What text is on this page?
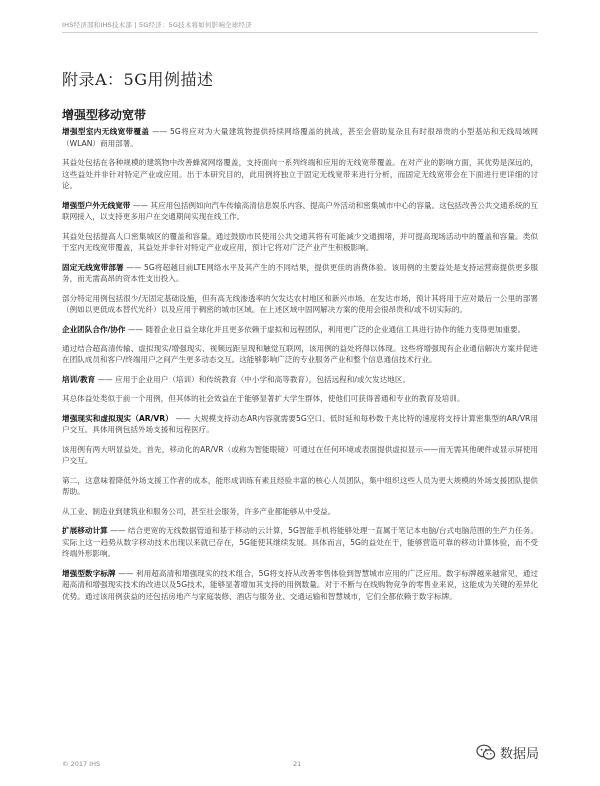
IHS经济部和IHS技术部 | 5G经济：5G技术将如何影响全球经济
附录A：5G用例描述
增强型移动宽带
增强型室内无线宽带覆盖 —— 5G将应对为大量建筑物提供持续网络覆盖的挑战，甚至会借助复杂且有时很昂贵的小型基站和无线局域网（WLAN）商用部署。
其益处包括在各种规模的建筑物中改善蜂窝网络覆盖，支持面向一系列终端和应用的无线宽带覆盖。在对产业的影响方面，其优势是深远的，这些益处并非针对特定产业或应用。出于本研究目的，此用例将独立于固定无线宽带来进行分析，而固定无线宽带会在下面进行更详细的讨论。
增强型户外无线宽带 —— 其应用包括例如向汽车传输高清信息娱乐内容、提高户外活动和密集城市中心的容量。这包括改善公共交通系统的互联网接入，以支持更多用户在交通期间实现在线工作。
其益处包括提高人口密集城区的覆盖和容量。通过鼓励市民使用公共交通其将有可能减少交通拥堵，并可提高现场活动中的覆盖和容量。类似于室内无线宽带覆盖，其益处并非针对特定产业或应用，预计它将对广泛产业产生积极影响。
固定无线宽带部署 —— 5G将超越目前LTE网络水平及其产生的不同结果，提供更佳的消费体验。该用例的主要益处是支持运营商提供更多服务，而无需高昂的资本性支出投入。
部分特定用例包括很少/无固定基础设施，但有高无线渗透率的欠发达农村地区和新兴市场。在发达市场，预计其将用于应对最后一公里的部署（例如以更低成本替代光纤）以及应用于稠密的城市区域。在上述区域中固网解决方案的使用会很昂贵和/或不切实际的。
企业团队合作/协作 —— 随着企业日益全球化并且更多依赖于虚拟和远程团队，利用更广泛的企业通信工具进行协作的能力变得更加重要。
通过结合超高清传输、虚拟现实/增强现实、视频远距呈现和触觉互联网，该用例的益处将得以体现。这些将增强现有企业通信解决方案并促进在团队成员和客户/终端用户之间产生更多动态交互。这能够影响广泛的专业服务产业和整个信息通信技术行业。
培训/教育 —— 应用于企业用户（培训）和传统教育（中小学和高等教育），包括远程和/或欠发达地区。
其总体益处类似于前一个用例，但其体的社会效益在于能够显著扩大学生群体，使他们可获得普通和专业的教育及培训。
增强现实和虚拟现实（AR/VR） —— 大规模支持动态AR内容就需要5G空口、低时延和每秒数千兆比特的速度将支持计算密集型的AR/VR用户交互。具体用例包括外场支援和远程医疗。
该用例有两大明显益处。首先，移动化的AR/VR（或称为智能眼镜）可通过在任何环境或表面提供虚拟显示——而无需其他硬件或显示屏使用户交互。
第二，这意味着降低外场支援工作者的成本，能形成训练有素且经验丰富的核心人员团队，集中组织这些人员为更大规模的外场支援团队提供帮助。
从工业、制造业到建筑业和服务公司，甚至社会服务，许多产业都能够从中受益。
扩展移动计算 —— 结合更宽的无线数据管道和基于移动的云计算，5G智能手机将能够处理一直属于笔记本电脑/台式电脑范围的生产力任务。实际上这一趋势从数字移动技术出现以来就已存在，5G能使其继续发展。具体而言，5G的益处在于，能够营造可靠的移动计算体验，而不受终端外形影响。
增强型数字标牌 —— 利用超高清和增强现实的技术组合，5G将支持从改善零售体验到智慧城市应用的广泛应用。数字标牌越来越常见，通过超高清和增强现实技术的改进以及5G技术，能够显著增加其支持的用例数量。对于不断与在线购物竞争的零售业来说，这能成为关键的差异化优势。通过该用例获益的还包括房地产与家庭装修、酒店与服务业、交通运输和智慧城市，它们全都依赖于数字标牌。
© 2017 IHS	21
数据局
